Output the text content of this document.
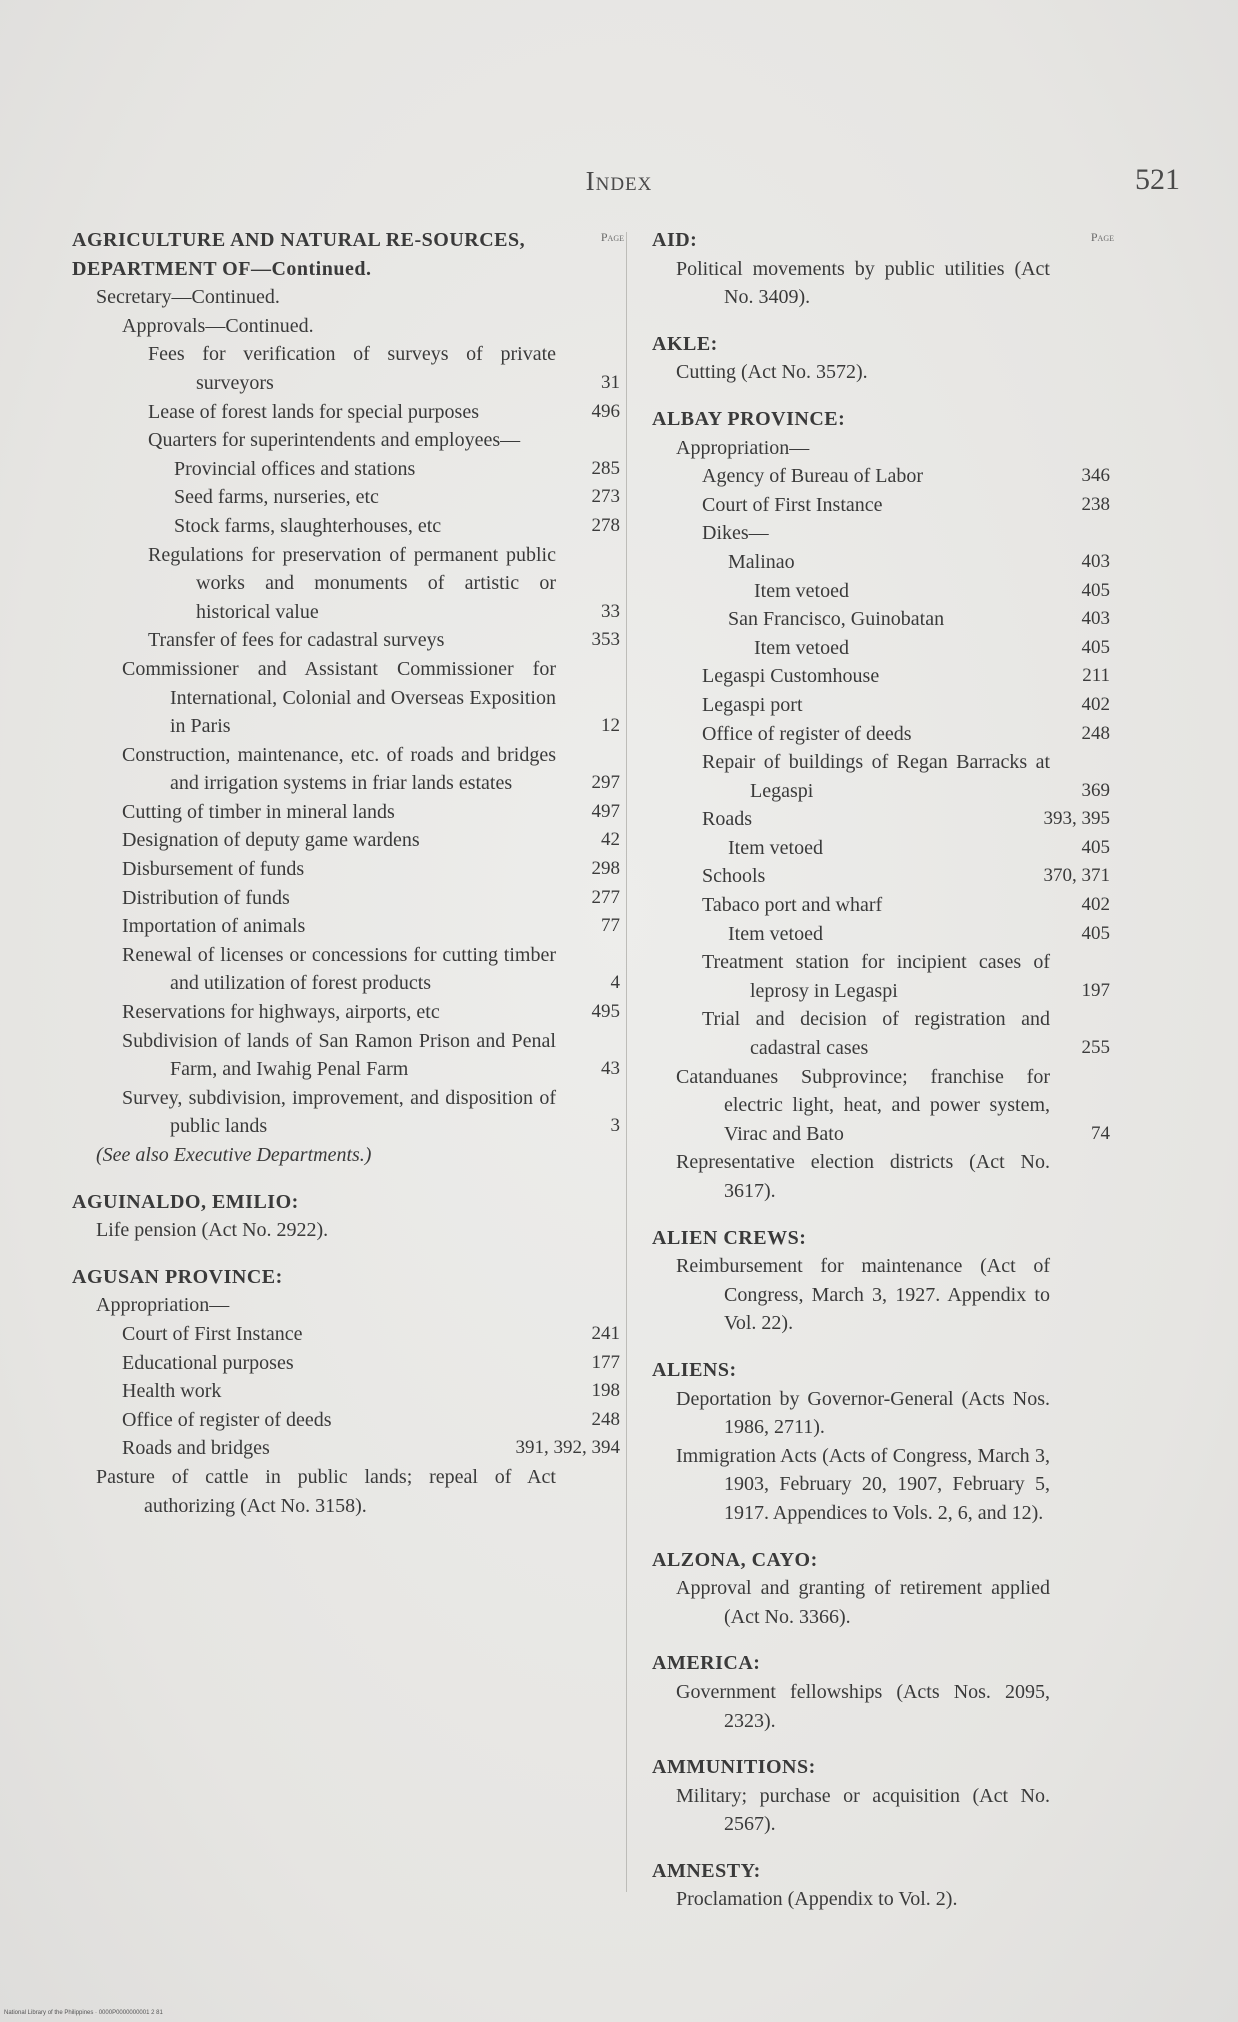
Index	521
Page
AGRICULTURE AND NATURAL RE-SOURCES, DEPARTMENT OF—Continued.
Secretary—Continued.
Approvals—Continued.
Fees for verification of surveys of private surveyors	31
Lease of forest lands for special purposes	496
Quarters for superintendents and employees—
Provincial offices and stations	285
Seed farms, nurseries, etc	273
Stock farms, slaughterhouses, etc	278
Regulations for preservation of permanent public works and monuments of artistic or historical value	33
Transfer of fees for cadastral surveys	353
Commissioner and Assistant Commissioner for International, Colonial and Overseas Exposition in Paris	12
Construction, maintenance, etc. of roads and bridges and irrigation systems in friar lands estates	297
Cutting of timber in mineral lands	497
Designation of deputy game wardens	42
Disbursement of funds	298
Distribution of funds	277
Importation of animals	77
Renewal of licenses or concessions for cutting timber and utilization of forest products	4
Reservations for highways, airports, etc	495
Subdivision of lands of San Ramon Prison and Penal Farm, and Iwahig Penal Farm	43
Survey, subdivision, improvement, and disposition of public lands	3
(See also Executive Departments.)
AGUINALDO, EMILIO:
Life pension (Act No. 2922).
AGUSAN PROVINCE:
Appropriation—
Court of First Instance	241
Educational purposes	177
Health work	198
Office of register of deeds	248
Roads and bridges	391, 392, 394
Pasture of cattle in public lands; repeal of Act authorizing (Act No. 3158).
Page
AID:
Political movements by public utilities (Act No. 3409).
AKLE:
Cutting (Act No. 3572).
ALBAY PROVINCE:
Appropriation—
Agency of Bureau of Labor	346
Court of First Instance	238
Dikes—
Malinao	403
Item vetoed	405
San Francisco, Guinobatan	403
Item vetoed	405
Legaspi Customhouse	211
Legaspi port	402
Office of register of deeds	248
Repair of buildings of Regan Barracks at Legaspi	369
Roads	393, 395
Item vetoed	405
Schools	370, 371
Tabaco port and wharf	402
Item vetoed	405
Treatment station for incipient cases of leprosy in Legaspi	197
Trial and decision of registration and cadastral cases	255
Catanduanes Subprovince; franchise for electric light, heat, and power system, Virac and Bato	74
Representative election districts (Act No. 3617).
ALIEN CREWS:
Reimbursement for maintenance (Act of Congress, March 3, 1927. Appendix to Vol. 22).
ALIENS:
Deportation by Governor-General (Acts Nos. 1986, 2711).
Immigration Acts (Acts of Congress, March 3, 1903, February 20, 1907, February 5, 1917. Appendices to Vols. 2, 6, and 12).
ALZONA, CAYO:
Approval and granting of retirement applied (Act No. 3366).
AMERICA:
Government fellowships (Acts Nos. 2095, 2323).
AMMUNITIONS:
Military; purchase or acquisition (Act No. 2567).
AMNESTY:
Proclamation (Appendix to Vol. 2).
National Library of the Philippines · 0000P0000000001 2 81
